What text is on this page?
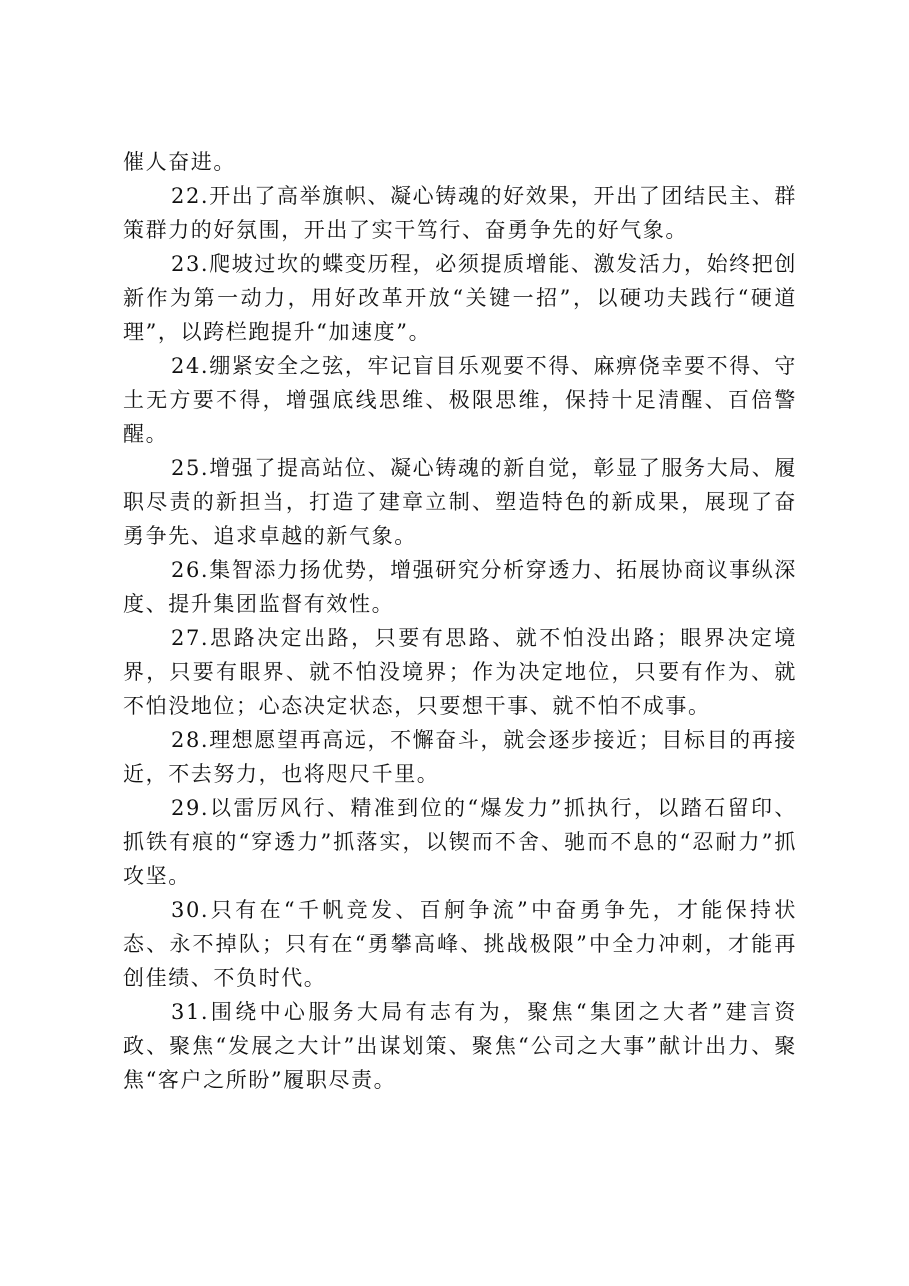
催人奋进。

22.开出了高举旗帜、凝心铸魂的好效果，开出了团结民主、群策群力的好氛围，开出了实干笃行、奋勇争先的好气象。

23.爬坡过坎的蝶变历程，必须提质增能、激发活力，始终把创新作为第一动力，用好改革开放“关键一招”，以硬功夫践行“硬道理”，以跨栏跑提升“加速度”。

24.绷紧安全之弦，牢记盲目乐观要不得、麻痹侥幸要不得、守土无方要不得，增强底线思维、极限思维，保持十足清醒、百倍警醒。

25.增强了提高站位、凝心铸魂的新自觉，彰显了服务大局、履职尽责的新担当，打造了建章立制、塑造特色的新成果，展现了奋勇争先、追求卓越的新气象。

26.集智添力扬优势，增强研究分析穿透力、拓展协商议事纵深度、提升集团监督有效性。

27.思路决定出路，只要有思路、就不怕没出路；眼界决定境界，只要有眼界、就不怕没境界；作为决定地位，只要有作为、就不怕没地位；心态决定状态，只要想干事、就不怕不成事。

28.理想愿望再高远，不懈奋斗，就会逐步接近；目标目的再接近，不去努力，也将咫尺千里。

29.以雷厉风行、精准到位的“爆发力”抓执行，以踏石留印、抓铁有痕的“穿透力”抓落实，以锲而不舍、驰而不息的“忍耐力”抓攻坚。

30.只有在“千帆竞发、百舸争流”中奋勇争先，才能保持状态、永不掉队；只有在“勇攀高峰、挑战极限”中全力冲刺，才能再创佳绩、不负时代。

31.围绕中心服务大局有志有为，聚焦“集团之大者”建言资政、聚焦“发展之大计”出谋划策、聚焦“公司之大事”献计出力、聚焦“客户之所盼”履职尽责。
